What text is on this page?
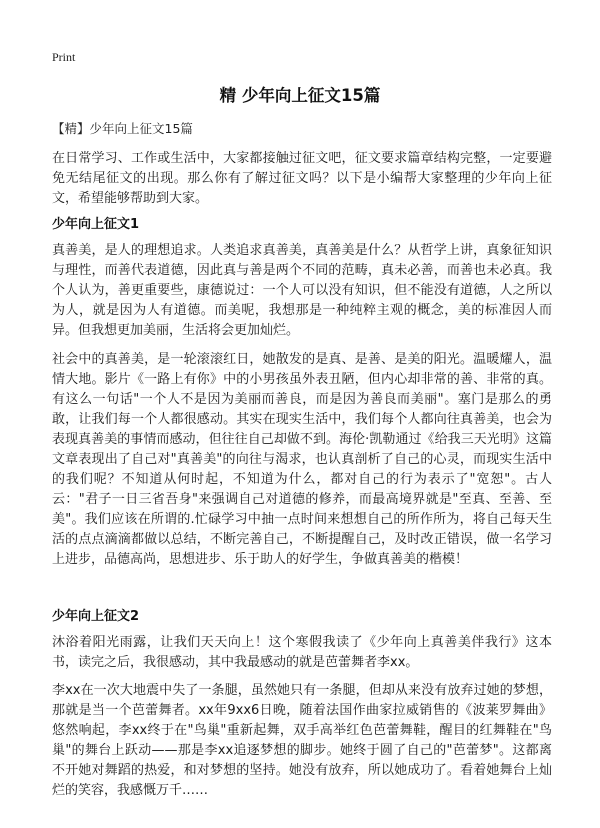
Print
精 少年向上征文15篇
【精】少年向上征文15篇

在日常学习、工作或生活中，大家都接触过征文吧，征文要求篇章结构完整，一定要避免无结尾征文的出现。那么你有了解过征文吗？以下是小编帮大家整理的少年向上征文，希望能够帮助到大家。

少年向上征文1

真善美，是人的理想追求。人类追求真善美，真善美是什么？从哲学上讲，真象征知识与理性，而善代表道德，因此真与善是两个不同的范畴，真未必善，而善也未必真。我个人认为，善更重要些，康德说过：一个人可以没有知识，但不能没有道德，人之所以为人，就是因为人有道德。而美呢，我想那是一种纯粹主观的概念，美的标准因人而异。但我想更加美丽，生活将会更加灿烂。

社会中的真善美，是一轮滚滚红日，她散发的是真、是善、是美的阳光。温暖耀人，温情大地。影片《一路上有你》中的小男孩虽外表丑陋，但内心却非常的善、非常的真。有这么一句话"一个人不是因为美丽而善良，而是因为善良而美丽"。塞门是那么的勇敢，让我们每一个人都很感动。其实在现实生活中，我们每个人都向往真善美，也会为表现真善美的事情而感动，但往往自己却做不到。海伦·凯勒通过《给我三天光明》这篇文章表现出了自己对"真善美"的向往与渴求，也认真剖析了自己的心灵，而现实生活中的我们呢？不知道从何时起，不知道为什么，都对自己的行为表示了"宽恕"。古人云："君子一日三省吾身"来强调自己对道德的修养，而最高境界就是"至真、至善、至美"。我们应该在所谓的.忙碌学习中抽一点时间来想想自己的所作所为，将自己每天生活的点点滴滴都做以总结，不断完善自己，不断提醒自己，及时改正错误，做一名学习上进步，品德高尚，思想进步、乐于助人的好学生，争做真善美的楷模！

少年向上征文2

沐浴着阳光雨露，让我们天天向上！这个寒假我读了《少年向上真善美伴我行》这本书，读完之后，我很感动，其中我最感动的就是芭蕾舞者李xx。

李xx在一次大地震中失了一条腿，虽然她只有一条腿，但却从来没有放弃过她的梦想，那就是当一个芭蕾舞者。xx年9xx6日晚，随着法国作曲家拉威销售的《波莱罗舞曲》悠然响起，李xx终于在"鸟巢"重新起舞，双手高举红色芭蕾舞鞋，醒目的红舞鞋在"鸟巢"的舞台上跃动——那是李xx追逐梦想的脚步。她终于圆了自己的"芭蕾梦"。这都离不开她对舞蹈的热爱，和对梦想的坚持。她没有放弃，所以她成功了。看着她舞台上灿烂的笑容，我感慨万千……
